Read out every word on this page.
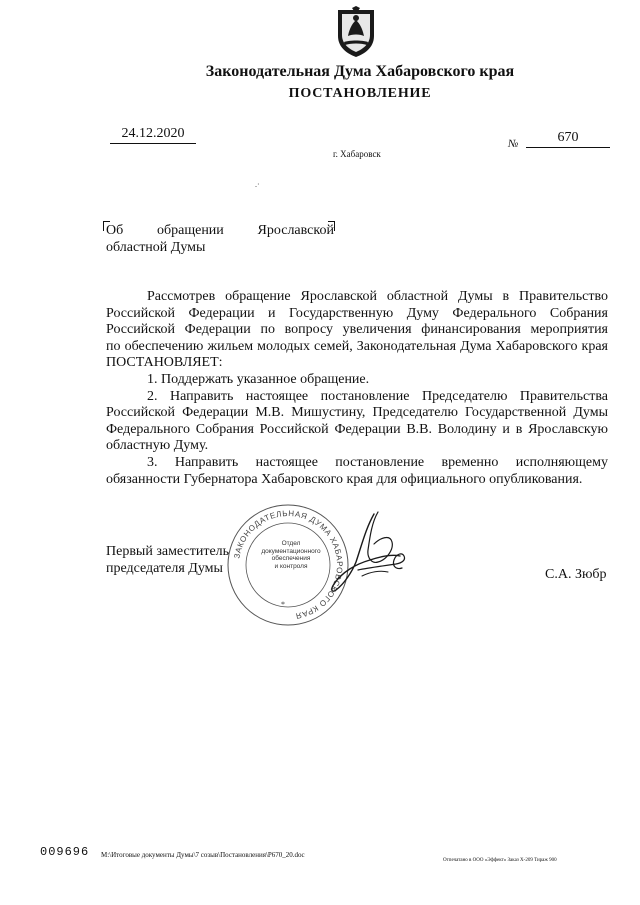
Законодательная Дума Хабаровского края
ПОСТАНОВЛЕНИЕ
24.12.2020
№	670
г. Хабаровск
.·
Об обращении Ярославской
областной Думы

Рассмотрев обращение Ярославской областной Думы в Правительство

Российской Федерации и Государственную Думу Федерального Собрания

Российской Федерации по вопросу увеличения финансирования мероприятия

по обеспечению жильем молодых семей, Законодательная Дума Хабаровского края

ПОСТАНОВЛЯЕТ:

1. Поддержать указанное обращение.

2. Направить настоящее постановление Председателю Правительства

Российской Федерации М.В. Мишустину, Председателю Государственной Думы

Федерального Собрания Российской Федерации В.В. Володину и в Ярославскую

областную Думу.

3. Направить настоящее постановление временно исполняющему

обязанности Губернатора Хабаровского края для официального опубликования.

ЗАКОНОДАТЕЛЬНАЯ ДУМА ХАБАРОВСКОГО КРАЯ
Отдел
документационного
обеспечения
и контроля
*
Первый заместитель
председателя Думы	С.А. Зюбр
009696 M:\Итоговые документы Думы\7 созыв\Постановления\P670_20.doc
Отпечатано в ООО «Эффект» Заказ Х-209 Тираж 900
